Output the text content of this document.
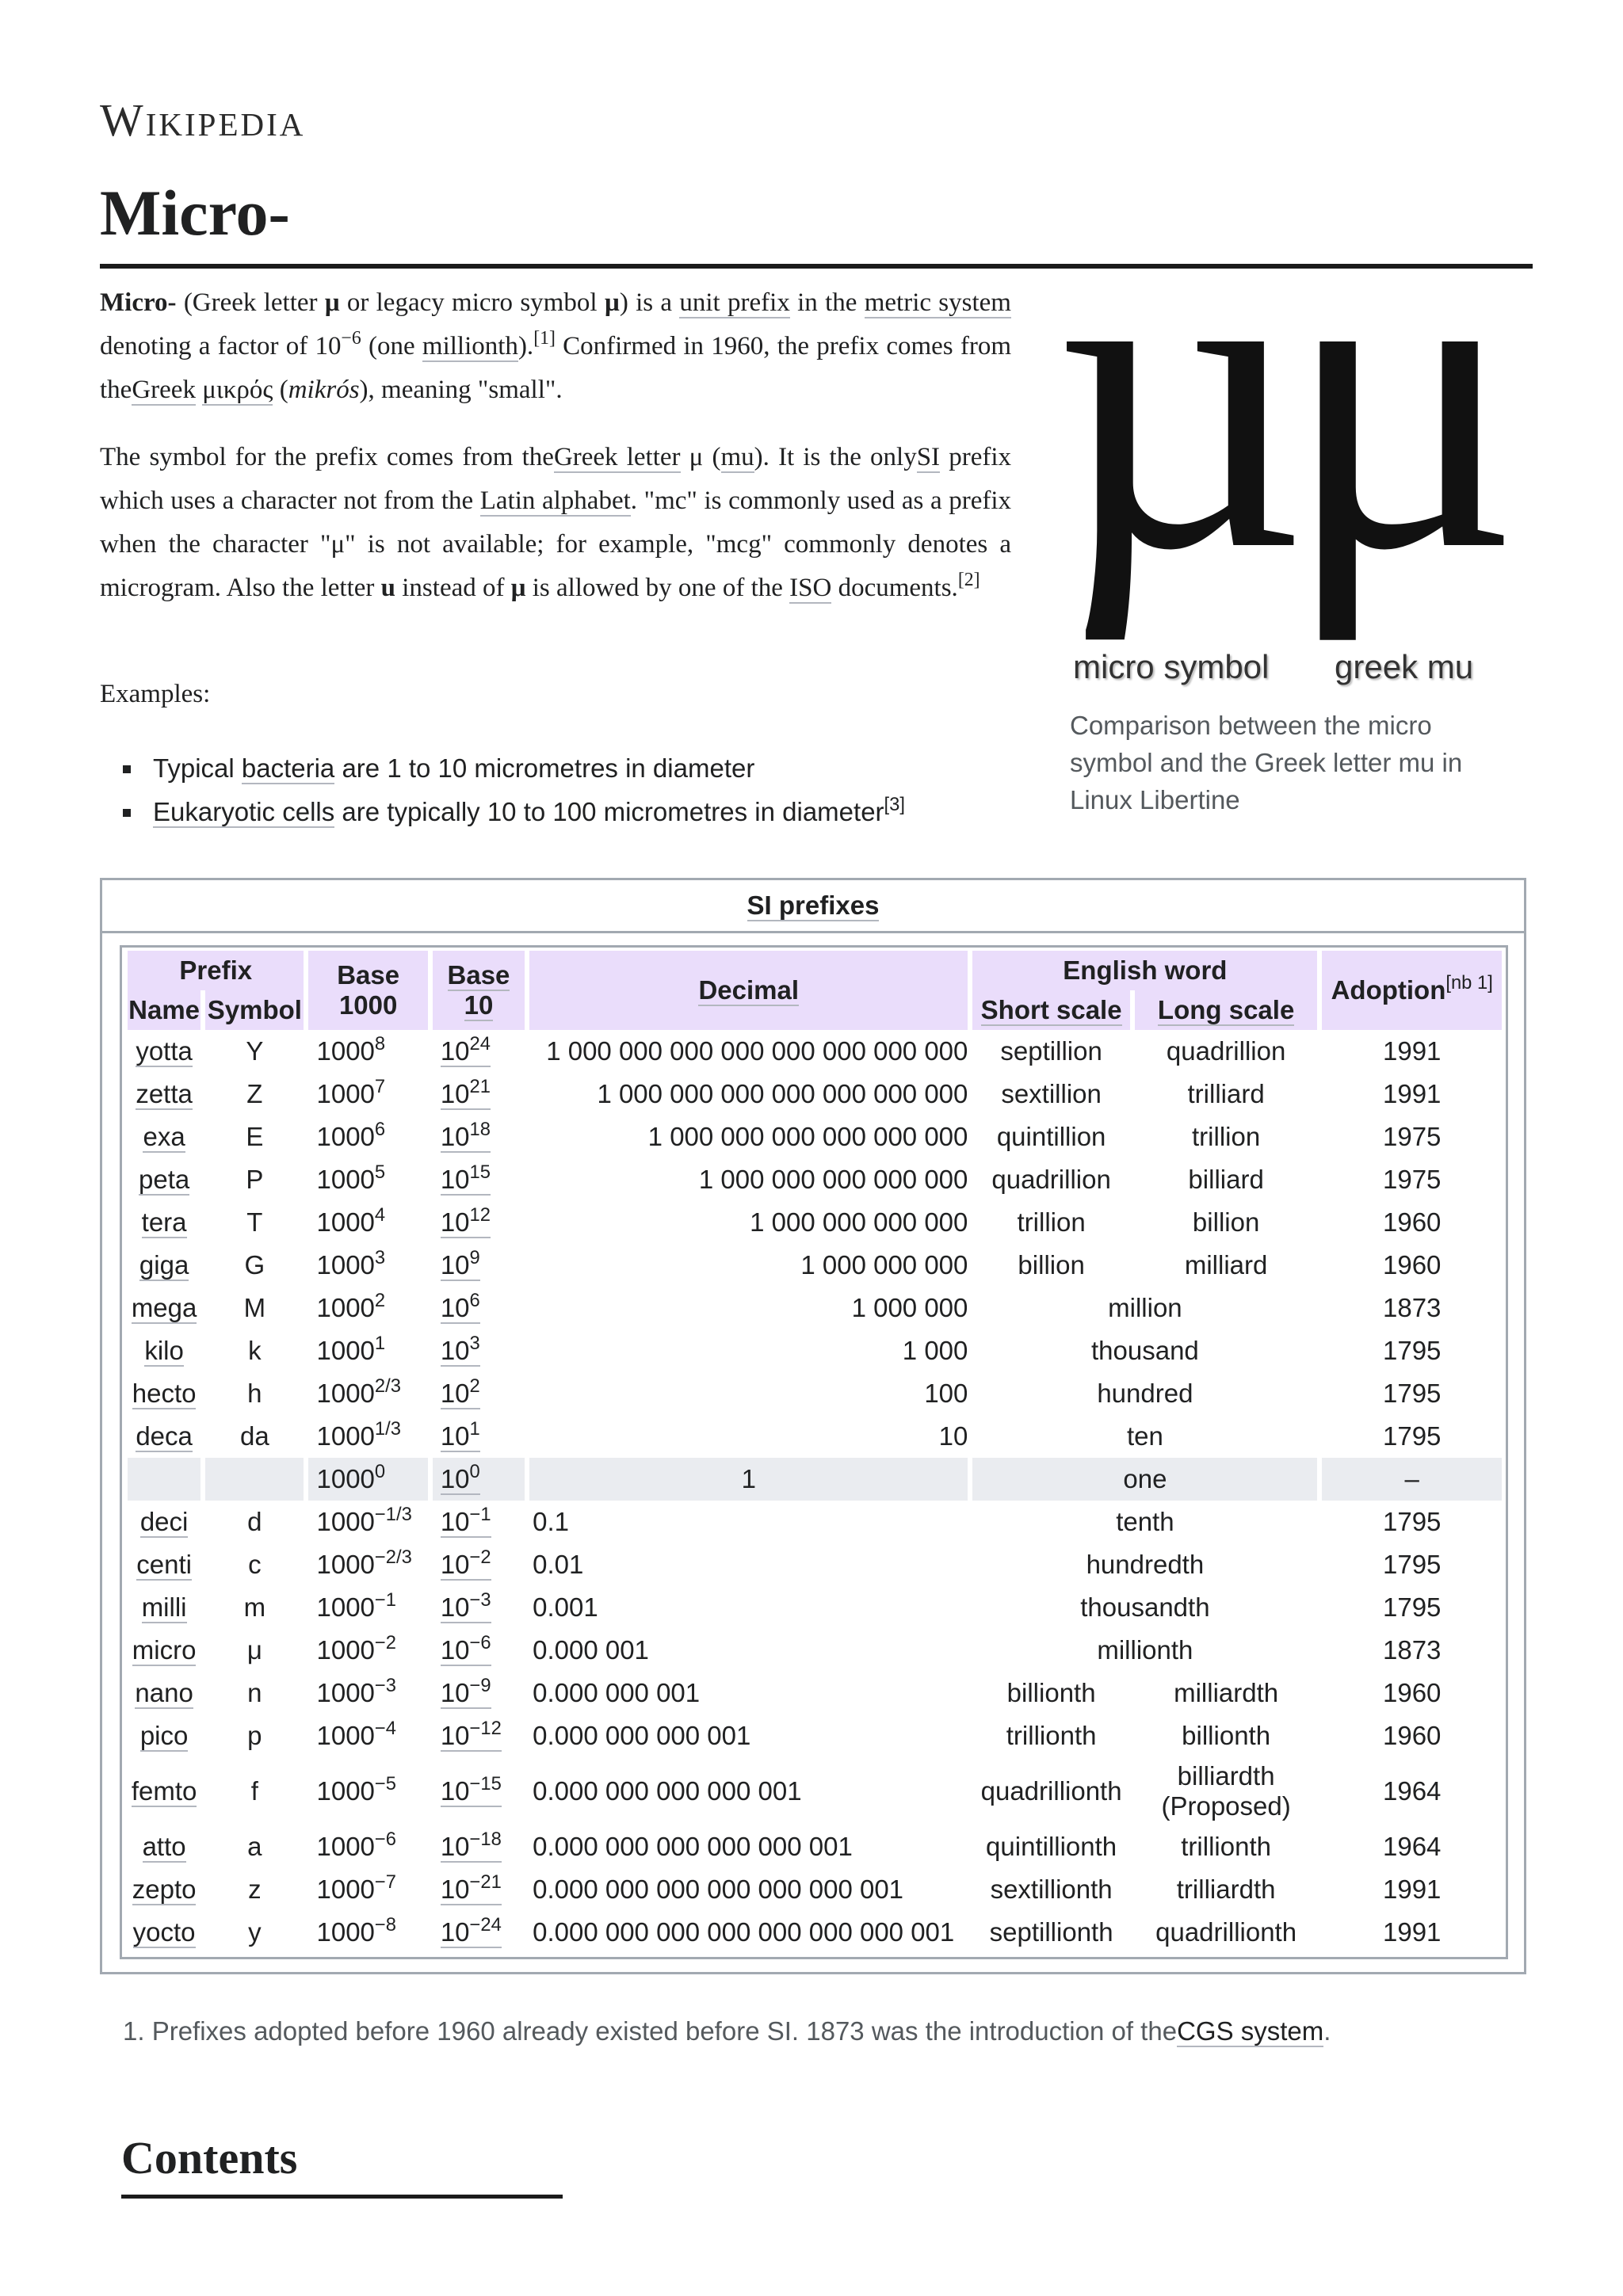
Wikipedia
Micro-

Micro- (Greek letter μ or legacy micro symbol µ) is a unit prefix in the metric system denoting a factor of $10^{-6}$ (one millionth).[1] Confirmed in 1960, the prefix comes from theGreek μικρός (mikrós), meaning "small".

The symbol for the prefix comes from theGreek letter μ (mu). It is the onlySI prefix which uses a character not from the Latin alphabet. "mc" is commonly used as a prefix when the character "μ" is not available; for example, "mcg" commonly denotes a microgram. Also the letter u instead of μ is allowed by one of the ISO documents.[2]

Examples:
Typical bacteria are 1 to 10 micrometres in diameter
Eukaryotic cells are typically 10 to 100 micrometres in diameter[3]
µ
μ
micro symbol greek mu
Comparison between the micro symbol and the Greek letter mu in Linux Libertine
SI prefixes
Prefix		Base 1000	Base 10	Decimal	English word		Adoption[nb 1]
Name	Symbol				Short scale	Long scale	
yotta	Y	1000$^8$	$10^{24}$	1 000 000 000 000 000 000 000 000	septillion	quadrillion	1991
zetta	Z	1000$^7$	$10^{21}$	1 000 000 000 000 000 000 000	sextillion	trilliard	1991
exa	E	1000$^6$	$10^{18}$	1 000 000 000 000 000 000	quintillion	trillion	1975
peta	P	1000$^5$	$10^{15}$	1 000 000 000 000 000	quadrillion	billiard	1975
tera	T	1000$^4$	$10^{12}$	1 000 000 000 000	trillion	billion	1960
giga	G	1000$^3$	$10^9$	1 000 000 000	billion	milliard	1960
mega	M	1000$^2$	$10^6$	1 000 000	million		1873
kilo	k	1000$^1$	$10^3$	1 000	thousand		1795
hecto	h	$1000^{2/3}$	$10^2$	100	hundred		1795
deca	da	$1000^{1/3}$	$10^1$	10	ten		1795
		1000$^0$	$10^0$	1	one		–
deci	d	$1000^{-1/3}$	$10^{-1}$	0.1	tenth		1795
centi	c	$1000^{-2/3}$	$10^{-2}$	0.01	hundredth		1795
milli	m	$1000^{-1}$	$10^{-3}$	0.001	thousandth		1795
micro	μ	$1000^{-2}$	$10^{-6}$	0.000 001	millionth		1873
nano	n	$1000^{-3}$	$10^{-9}$	0.000 000 001	billionth	milliardth	1960
pico	p	$1000^{-4}$	$10^{-12}$	0.000 000 000 001	trillionth	billionth	1960
femto	f	$1000^{-5}$	$10^{-15}$	0.000 000 000 000 001	quadrillionth	billiardth (Proposed)	1964
atto	a	$1000^{-6}$	$10^{-18}$	0.000 000 000 000 000 001	quintillionth	trillionth	1964
zepto	z	$1000^{-7}$	$10^{-21}$	0.000 000 000 000 000 000 001	sextillionth	trilliardth	1991
yocto	y	$1000^{-8}$	$10^{-24}$	0.000 000 000 000 000 000 000 001	septillionth	quadrillionth	1991

1. Prefixes adopted before 1960 already existed before SI. 1873 was the introduction of theCGS system.

Contents
